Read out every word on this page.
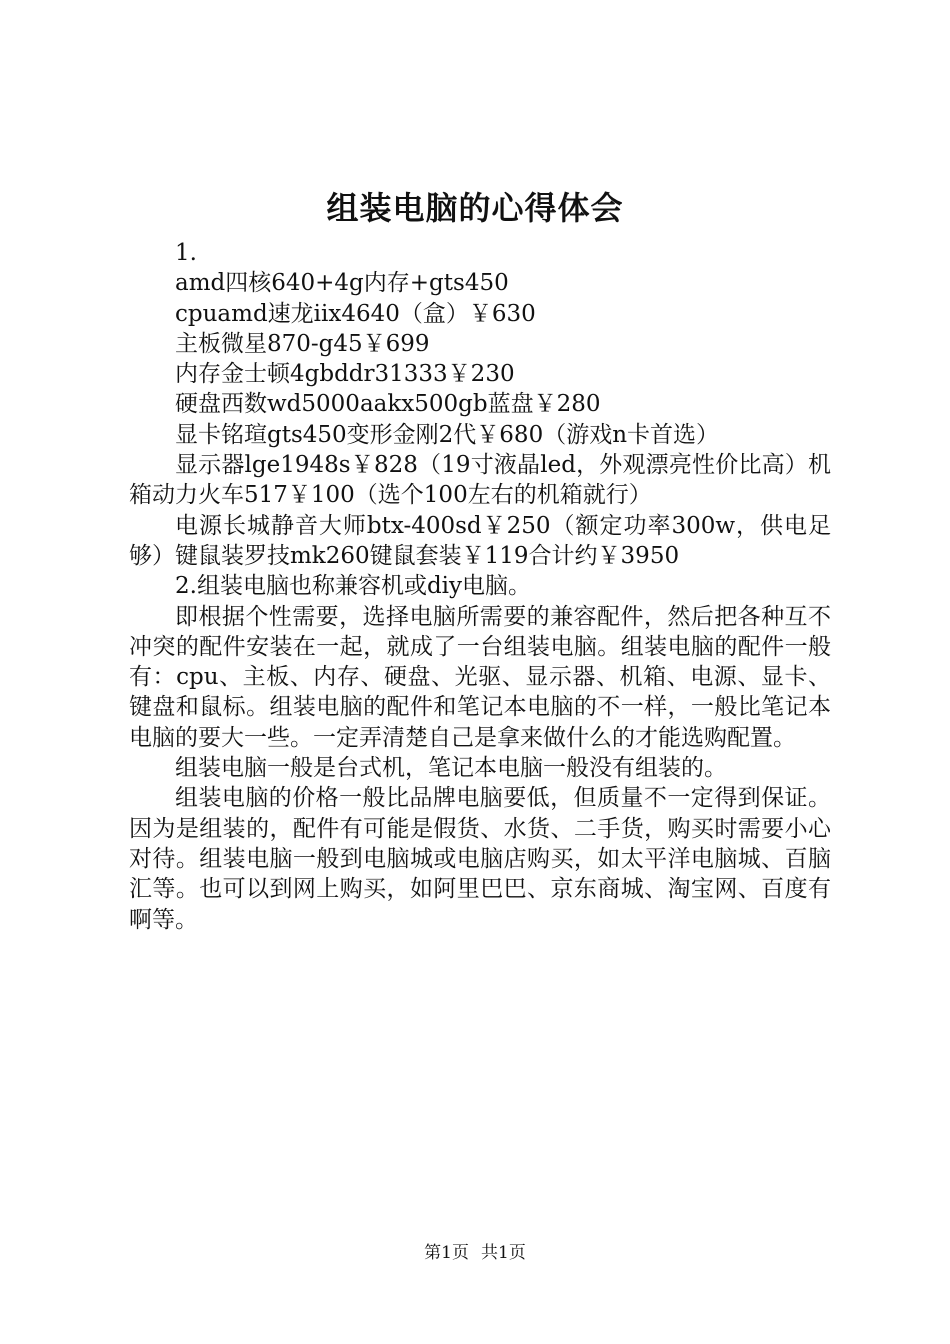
组装电脑的心得体会

1.

amd四核640+4g内存+gts450

cpuamd速龙iix4640（盒）￥630

主板微星870-g45￥699

内存金士顿4gbddr31333￥230

硬盘西数wd5000aakx500gb蓝盘￥280

显卡铭瑄gts450变形金刚2代￥680（游戏n卡首选）

显示器lge1948s￥828（19寸液晶led，外观漂亮性价比高）机箱动力火车517￥100（选个100左右的机箱就行）

电源长城静音大师btx-400sd￥250（额定功率300w，供电足够）键鼠装罗技mk260键鼠套装￥119合计约￥3950

2.组装电脑也称兼容机或diy电脑。

即根据个性需要，选择电脑所需要的兼容配件，然后把各种互不冲突的配件安装在一起，就成了一台组装电脑。组装电脑的配件一般有：cpu、主板、内存、硬盘、光驱、显示器、机箱、电源、显卡、键盘和鼠标。组装电脑的配件和笔记本电脑的不一样，一般比笔记本电脑的要大一些。一定弄清楚自己是拿来做什么的才能选购配置。

组装电脑一般是台式机，笔记本电脑一般没有组装的。

组装电脑的价格一般比品牌电脑要低，但质量不一定得到保证。因为是组装的，配件有可能是假货、水货、二手货，购买时需要小心对待。组装电脑一般到电脑城或电脑店购买，如太平洋电脑城、百脑汇等。也可以到网上购买，如阿里巴巴、京东商城、淘宝网、百度有啊等。

第1页 共1页
